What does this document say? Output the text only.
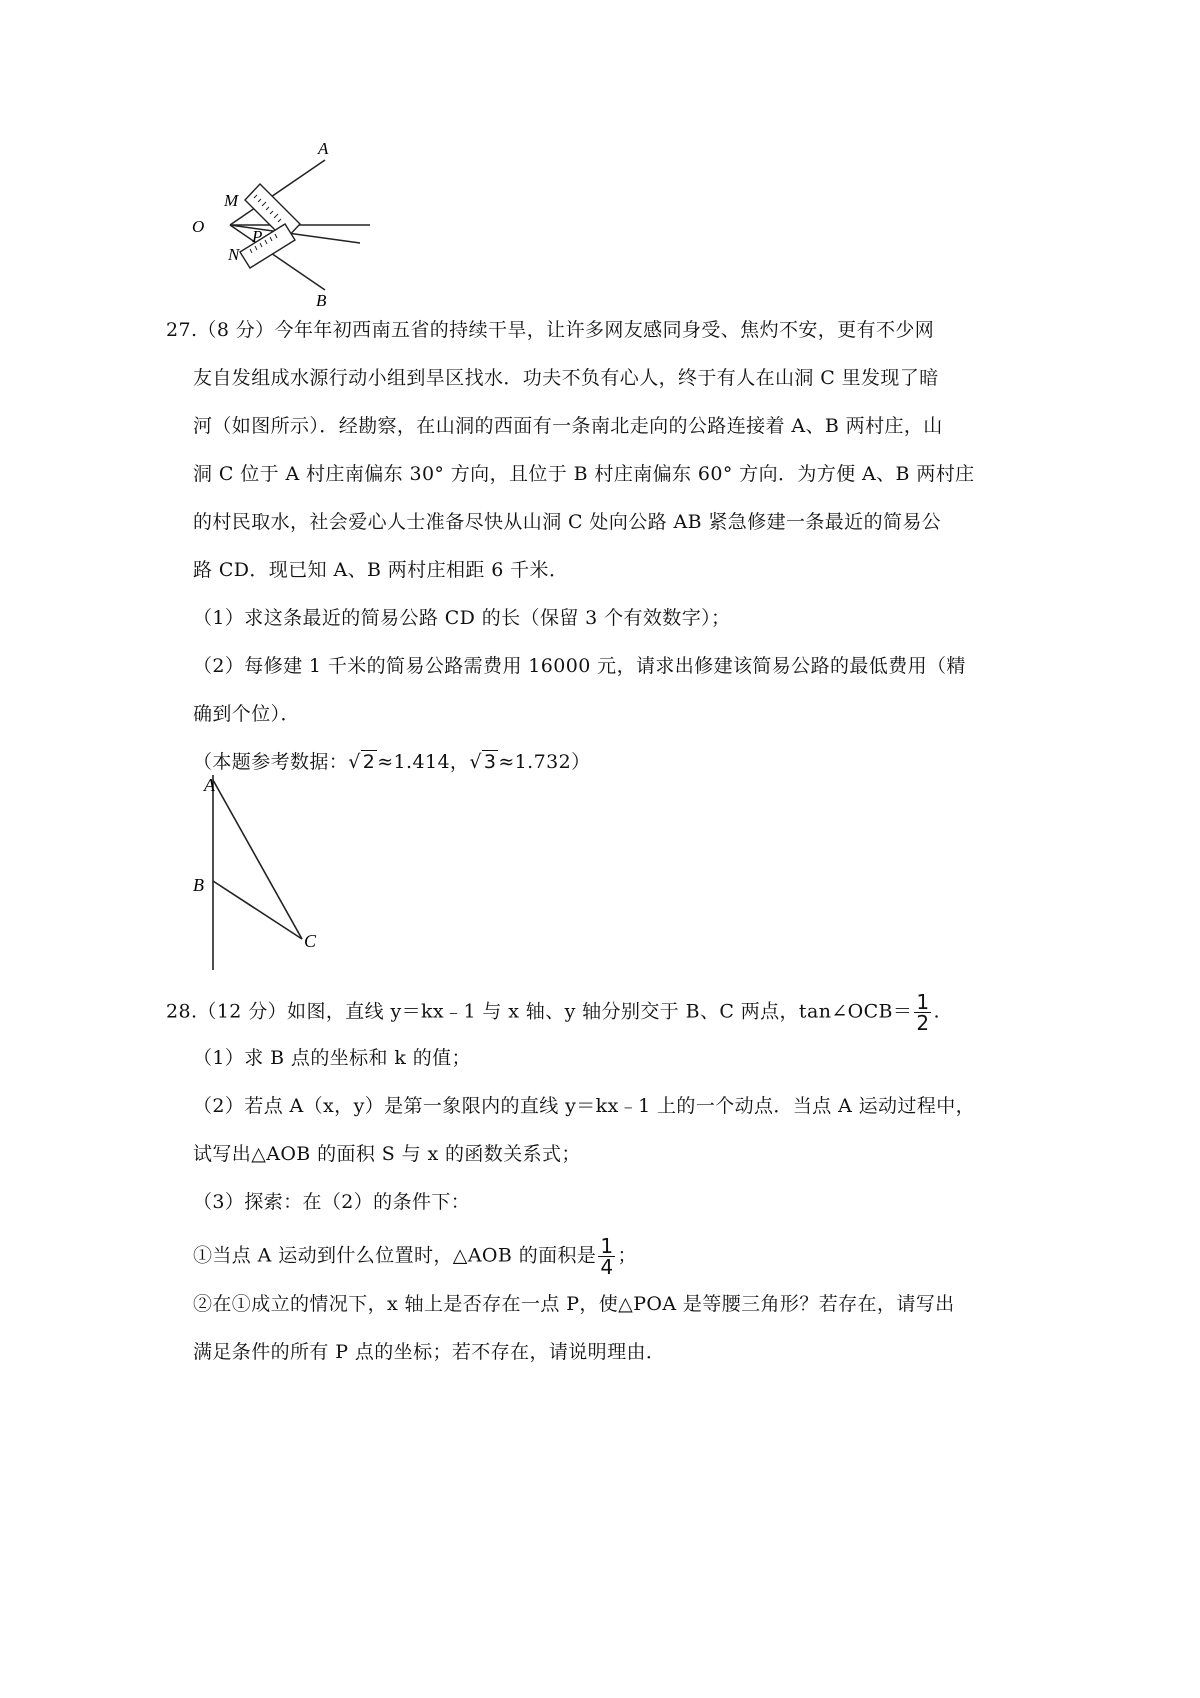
A
M
O
P
N
B
27.（8 分）今年年初西南五省的持续干旱，让许多网友感同身受、焦灼不安，更有不少网
友自发组成水源行动小组到旱区找水．功夫不负有心人，终于有人在山洞 C 里发现了暗
河（如图所示）．经勘察，在山洞的西面有一条南北走向的公路连接着 A、B 两村庄，山
洞 C 位于 A 村庄南偏东 30° 方向，且位于 B 村庄南偏东 60° 方向．为方便 A、B 两村庄
的村民取水，社会爱心人士准备尽快从山洞 C 处向公路 AB 紧急修建一条最近的简易公
路 CD．现已知 A、B 两村庄相距 6 千米．
（1）求这条最近的简易公路 CD 的长（保留 3 个有效数字）；
（2）每修建 1 千米的简易公路需费用 16000 元，请求出修建该简易公路的最低费用（精
确到个位）．
（本题参考数据：√ 2 ≈1.414，√ 3 ≈1.732）
A
B
C
28.（12 分）如图，直线 y＝kx﹣1 与 x 轴、y 轴分别交于 B、C 两点，tan∠OCB＝ $\frac{1}{2}$ .
（1）求 B 点的坐标和 k 的值；
（2）若点 A（x，y）是第一象限内的直线 y＝kx﹣1 上的一个动点．当点 A 运动过程中，
试写出△AOB 的面积 S 与 x 的函数关系式；
（3）探索：在（2）的条件下：
①当点 A 运动到什么位置时，△AOB 的面积是 $\frac{1}{4}$ ；
②在①成立的情况下，x 轴上是否存在一点 P，使△POA 是等腰三角形？若存在，请写出
满足条件的所有 P 点的坐标；若不存在，请说明理由．
